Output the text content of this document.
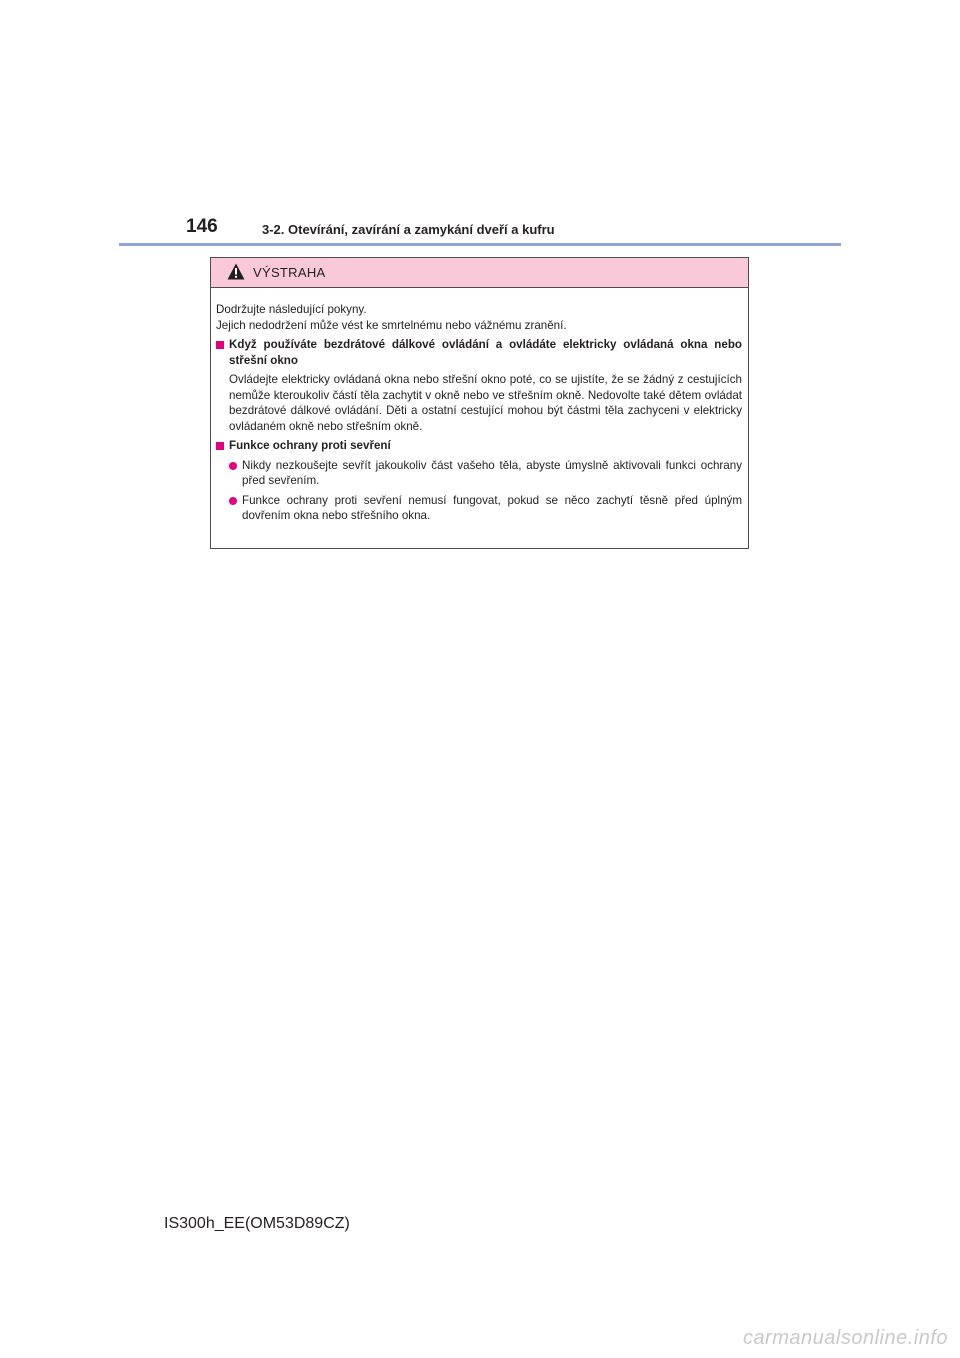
146	3-2. Otevírání, zavírání a zamykání dveří a kufru
VÝSTRAHA

Dodržujte následující pokyny.

Jejich nedodržení může vést ke smrtelnému nebo vážnému zranění.

Když používáte bezdrátové dálkové ovládání a ovládáte elektricky ovládaná okna nebo střešní okno
Ovládejte elektricky ovládaná okna nebo střešní okno poté, co se ujistíte, že se žádný z cestujících nemůže kteroukoliv částí těla zachytit v okně nebo ve střešním okně. Nedovolte také dětem ovládat bezdrátové dálkové ovládání. Děti a ostatní cestující mohou být částmi těla zachyceni v elektricky ovládaném okně nebo střešním okně.
Funkce ochrany proti sevření
Nikdy nezkoušejte sevřít jakoukoliv část vašeho těla, abyste úmyslně aktivovali funkci ochrany před sevřením.
Funkce ochrany proti sevření nemusí fungovat, pokud se něco zachytí těsně před úplným dovřením okna nebo střešního okna.
IS300h_EE(OM53D89CZ)
carmanualsonline.info
